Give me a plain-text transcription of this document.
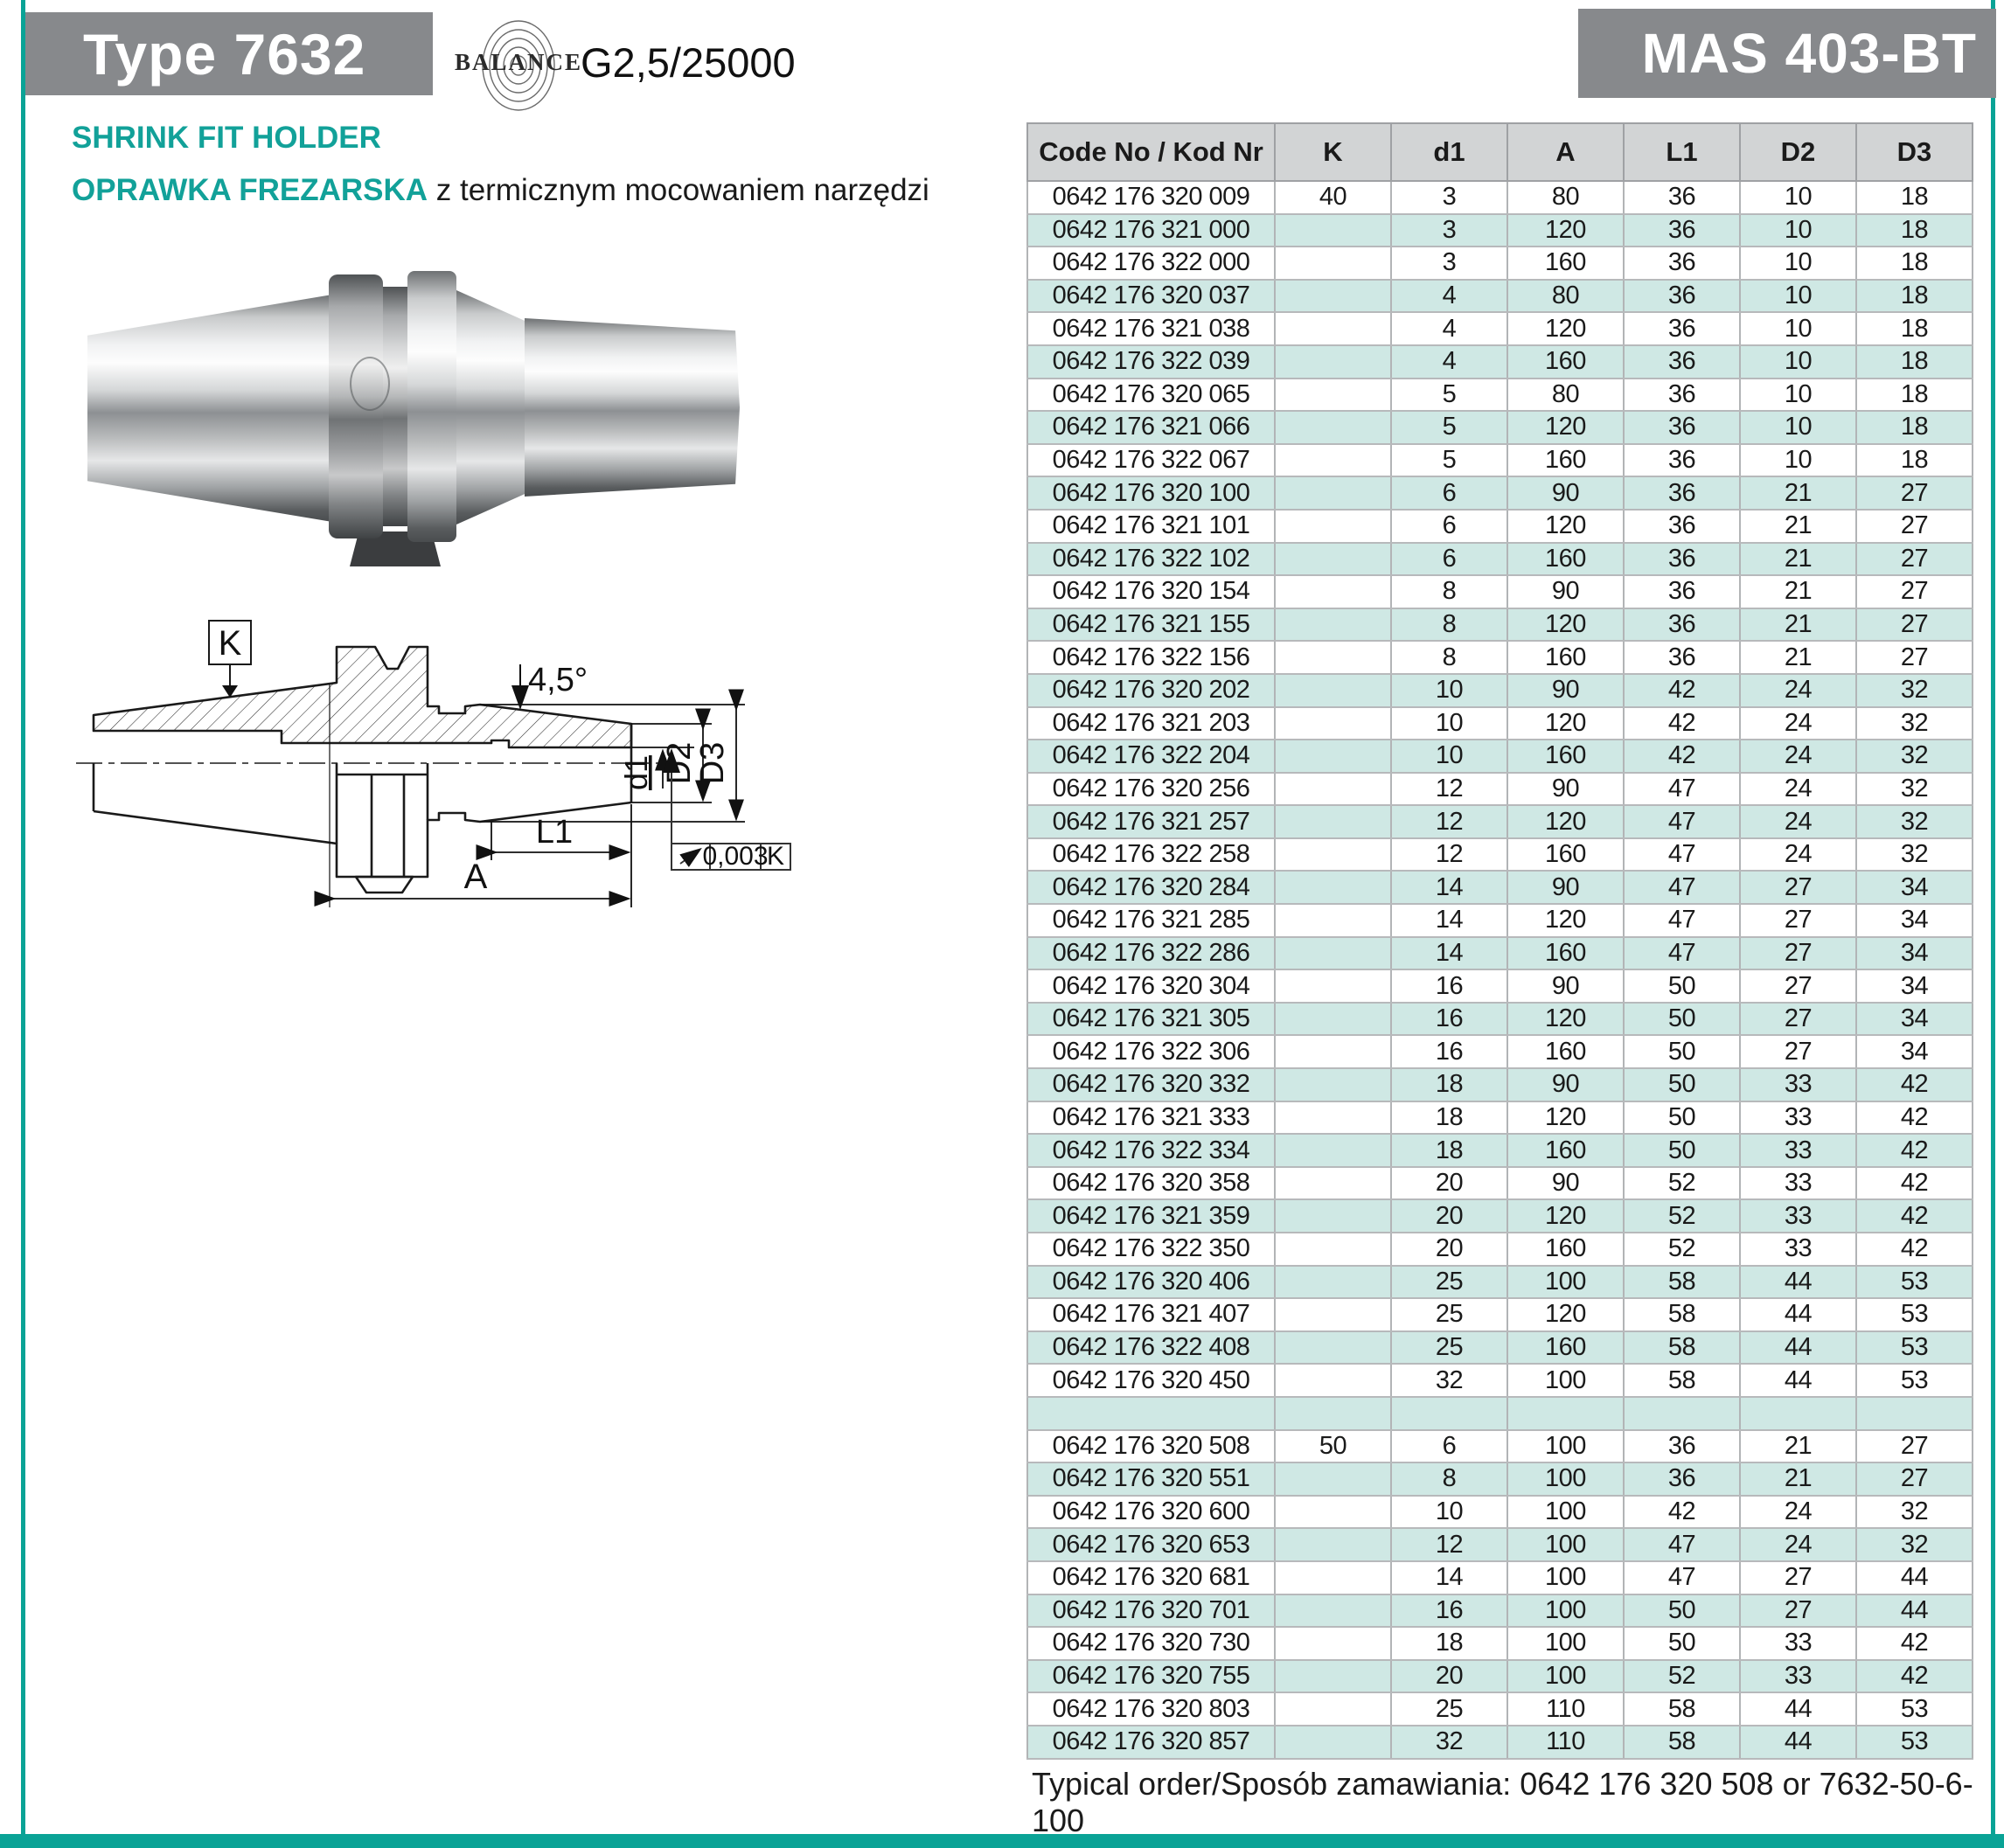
Type 7632	BALANCE
G2,5/25000	MAS 403-BT
SHRINK FIT HOLDER
OPRAWKA FREZARSKA z termicznym mocowaniem narzędzi
K
4,5°
D3
D2
d1
L1
A
0,003
K
Code No / Kod Nr	K	d1	A	L1	D2	D3
0642 176 320 009	40	3	80	36	10	18
0642 176 321 000		3	120	36	10	18
0642 176 322 000		3	160	36	10	18
0642 176 320 037		4	80	36	10	18
0642 176 321 038		4	120	36	10	18
0642 176 322 039		4	160	36	10	18
0642 176 320 065		5	80	36	10	18
0642 176 321 066		5	120	36	10	18
0642 176 322 067		5	160	36	10	18
0642 176 320 100		6	90	36	21	27
0642 176 321 101		6	120	36	21	27
0642 176 322 102		6	160	36	21	27
0642 176 320 154		8	90	36	21	27
0642 176 321 155		8	120	36	21	27
0642 176 322 156		8	160	36	21	27
0642 176 320 202		10	90	42	24	32
0642 176 321 203		10	120	42	24	32
0642 176 322 204		10	160	42	24	32
0642 176 320 256		12	90	47	24	32
0642 176 321 257		12	120	47	24	32
0642 176 322 258		12	160	47	24	32
0642 176 320 284		14	90	47	27	34
0642 176 321 285		14	120	47	27	34
0642 176 322 286		14	160	47	27	34
0642 176 320 304		16	90	50	27	34
0642 176 321 305		16	120	50	27	34
0642 176 322 306		16	160	50	27	34
0642 176 320 332		18	90	50	33	42
0642 176 321 333		18	120	50	33	42
0642 176 322 334		18	160	50	33	42
0642 176 320 358		20	90	52	33	42
0642 176 321 359		20	120	52	33	42
0642 176 322 350		20	160	52	33	42
0642 176 320 406		25	100	58	44	53
0642 176 321 407		25	120	58	44	53
0642 176 322 408		25	160	58	44	53
0642 176 320 450		32	100	58	44	53

0642 176 320 508	50	6	100	36	21	27
0642 176 320 551		8	100	36	21	27
0642 176 320 600		10	100	42	24	32
0642 176 320 653		12	100	47	24	32
0642 176 320 681		14	100	47	27	44
0642 176 320 701		16	100	50	27	44
0642 176 320 730		18	100	50	33	42
0642 176 320 755		20	100	52	33	42
0642 176 320 803		25	110	58	44	53
0642 176 320 857		32	110	58	44	53
Typical order/Sposób zamawiania: 0642 176 320 508 or 7632-50-6-100
